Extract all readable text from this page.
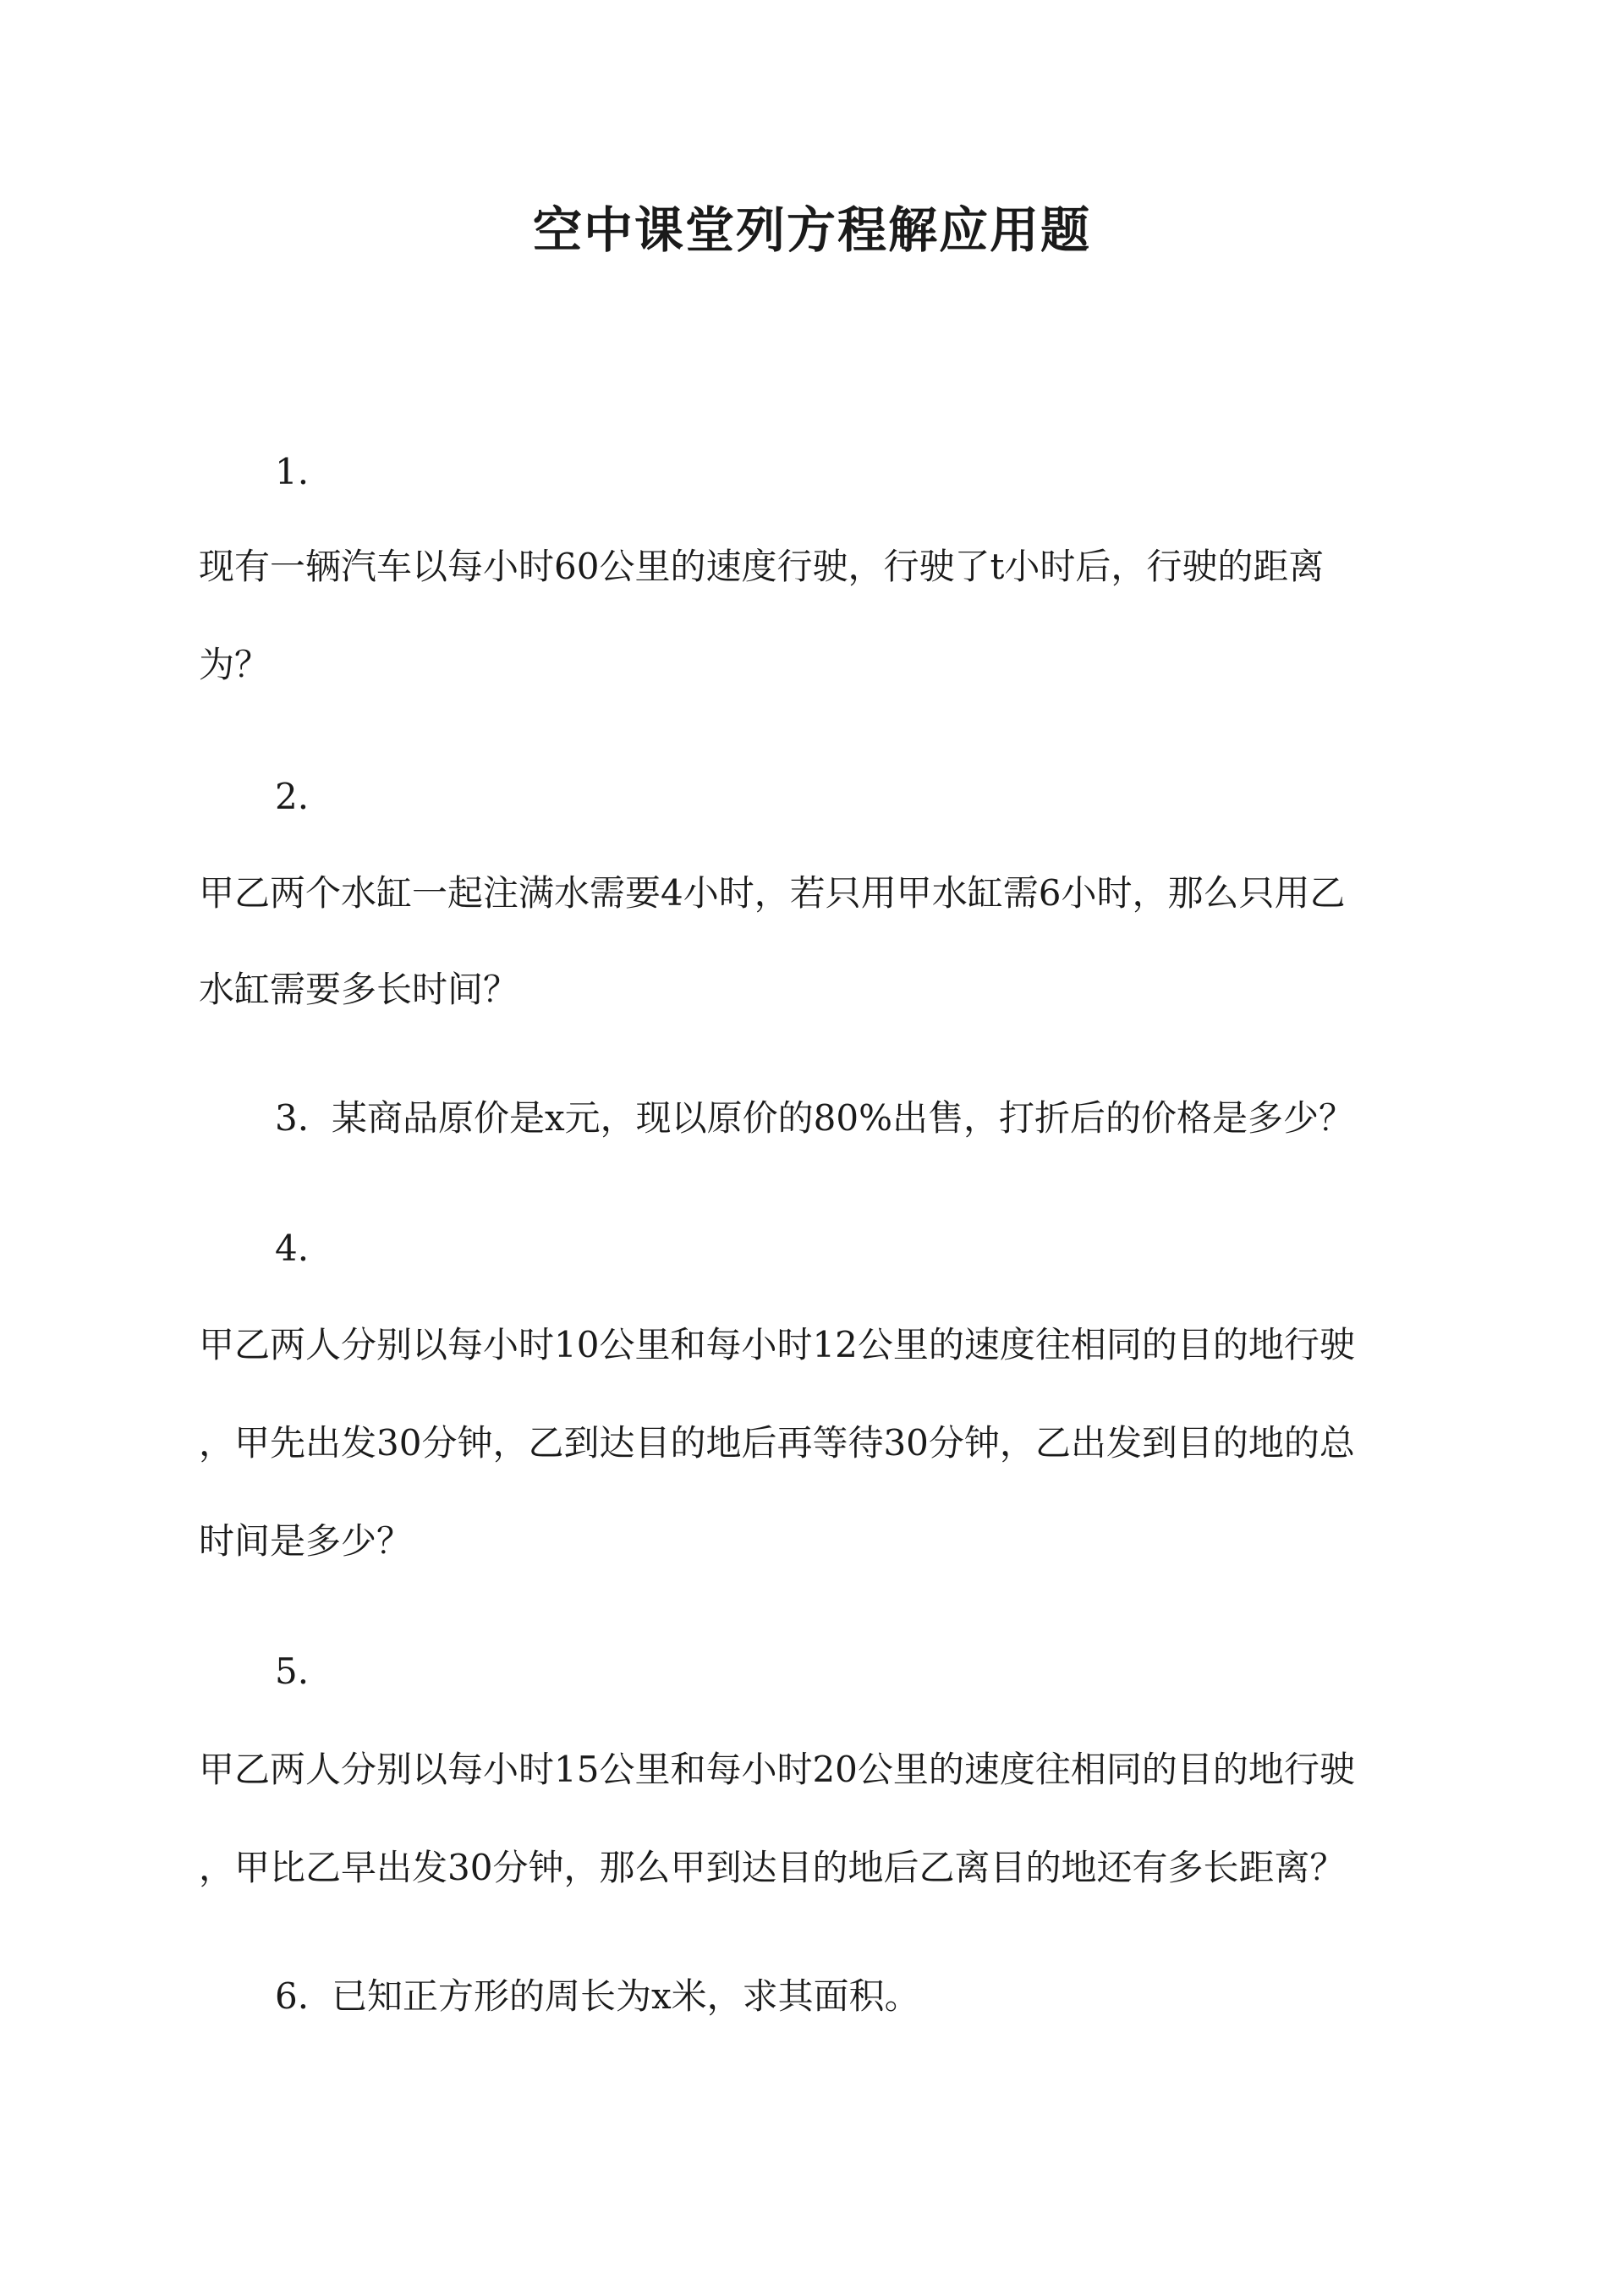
空中课堂列方程解应用题
1.
现有一辆汽车以每小时60公里的速度行驶，行驶了t小时后，行驶的距离
为？
2.
甲乙两个水缸一起注满水需要4小时，若只用甲水缸需6小时，那么只用乙
水缸需要多长时间？
3. 某商品原价是x元，现以原价的80%出售，打折后的价格是多少？
4.
甲乙两人分别以每小时10公里和每小时12公里的速度往相同的目的地行驶
，甲先出发30分钟，乙到达目的地后再等待30分钟，乙出发到目的地的总
时间是多少？
5.
甲乙两人分别以每小时15公里和每小时20公里的速度往相同的目的地行驶
，甲比乙早出发30分钟，那么甲到达目的地后乙离目的地还有多长距离？
6. 已知正方形的周长为x米，求其面积。
